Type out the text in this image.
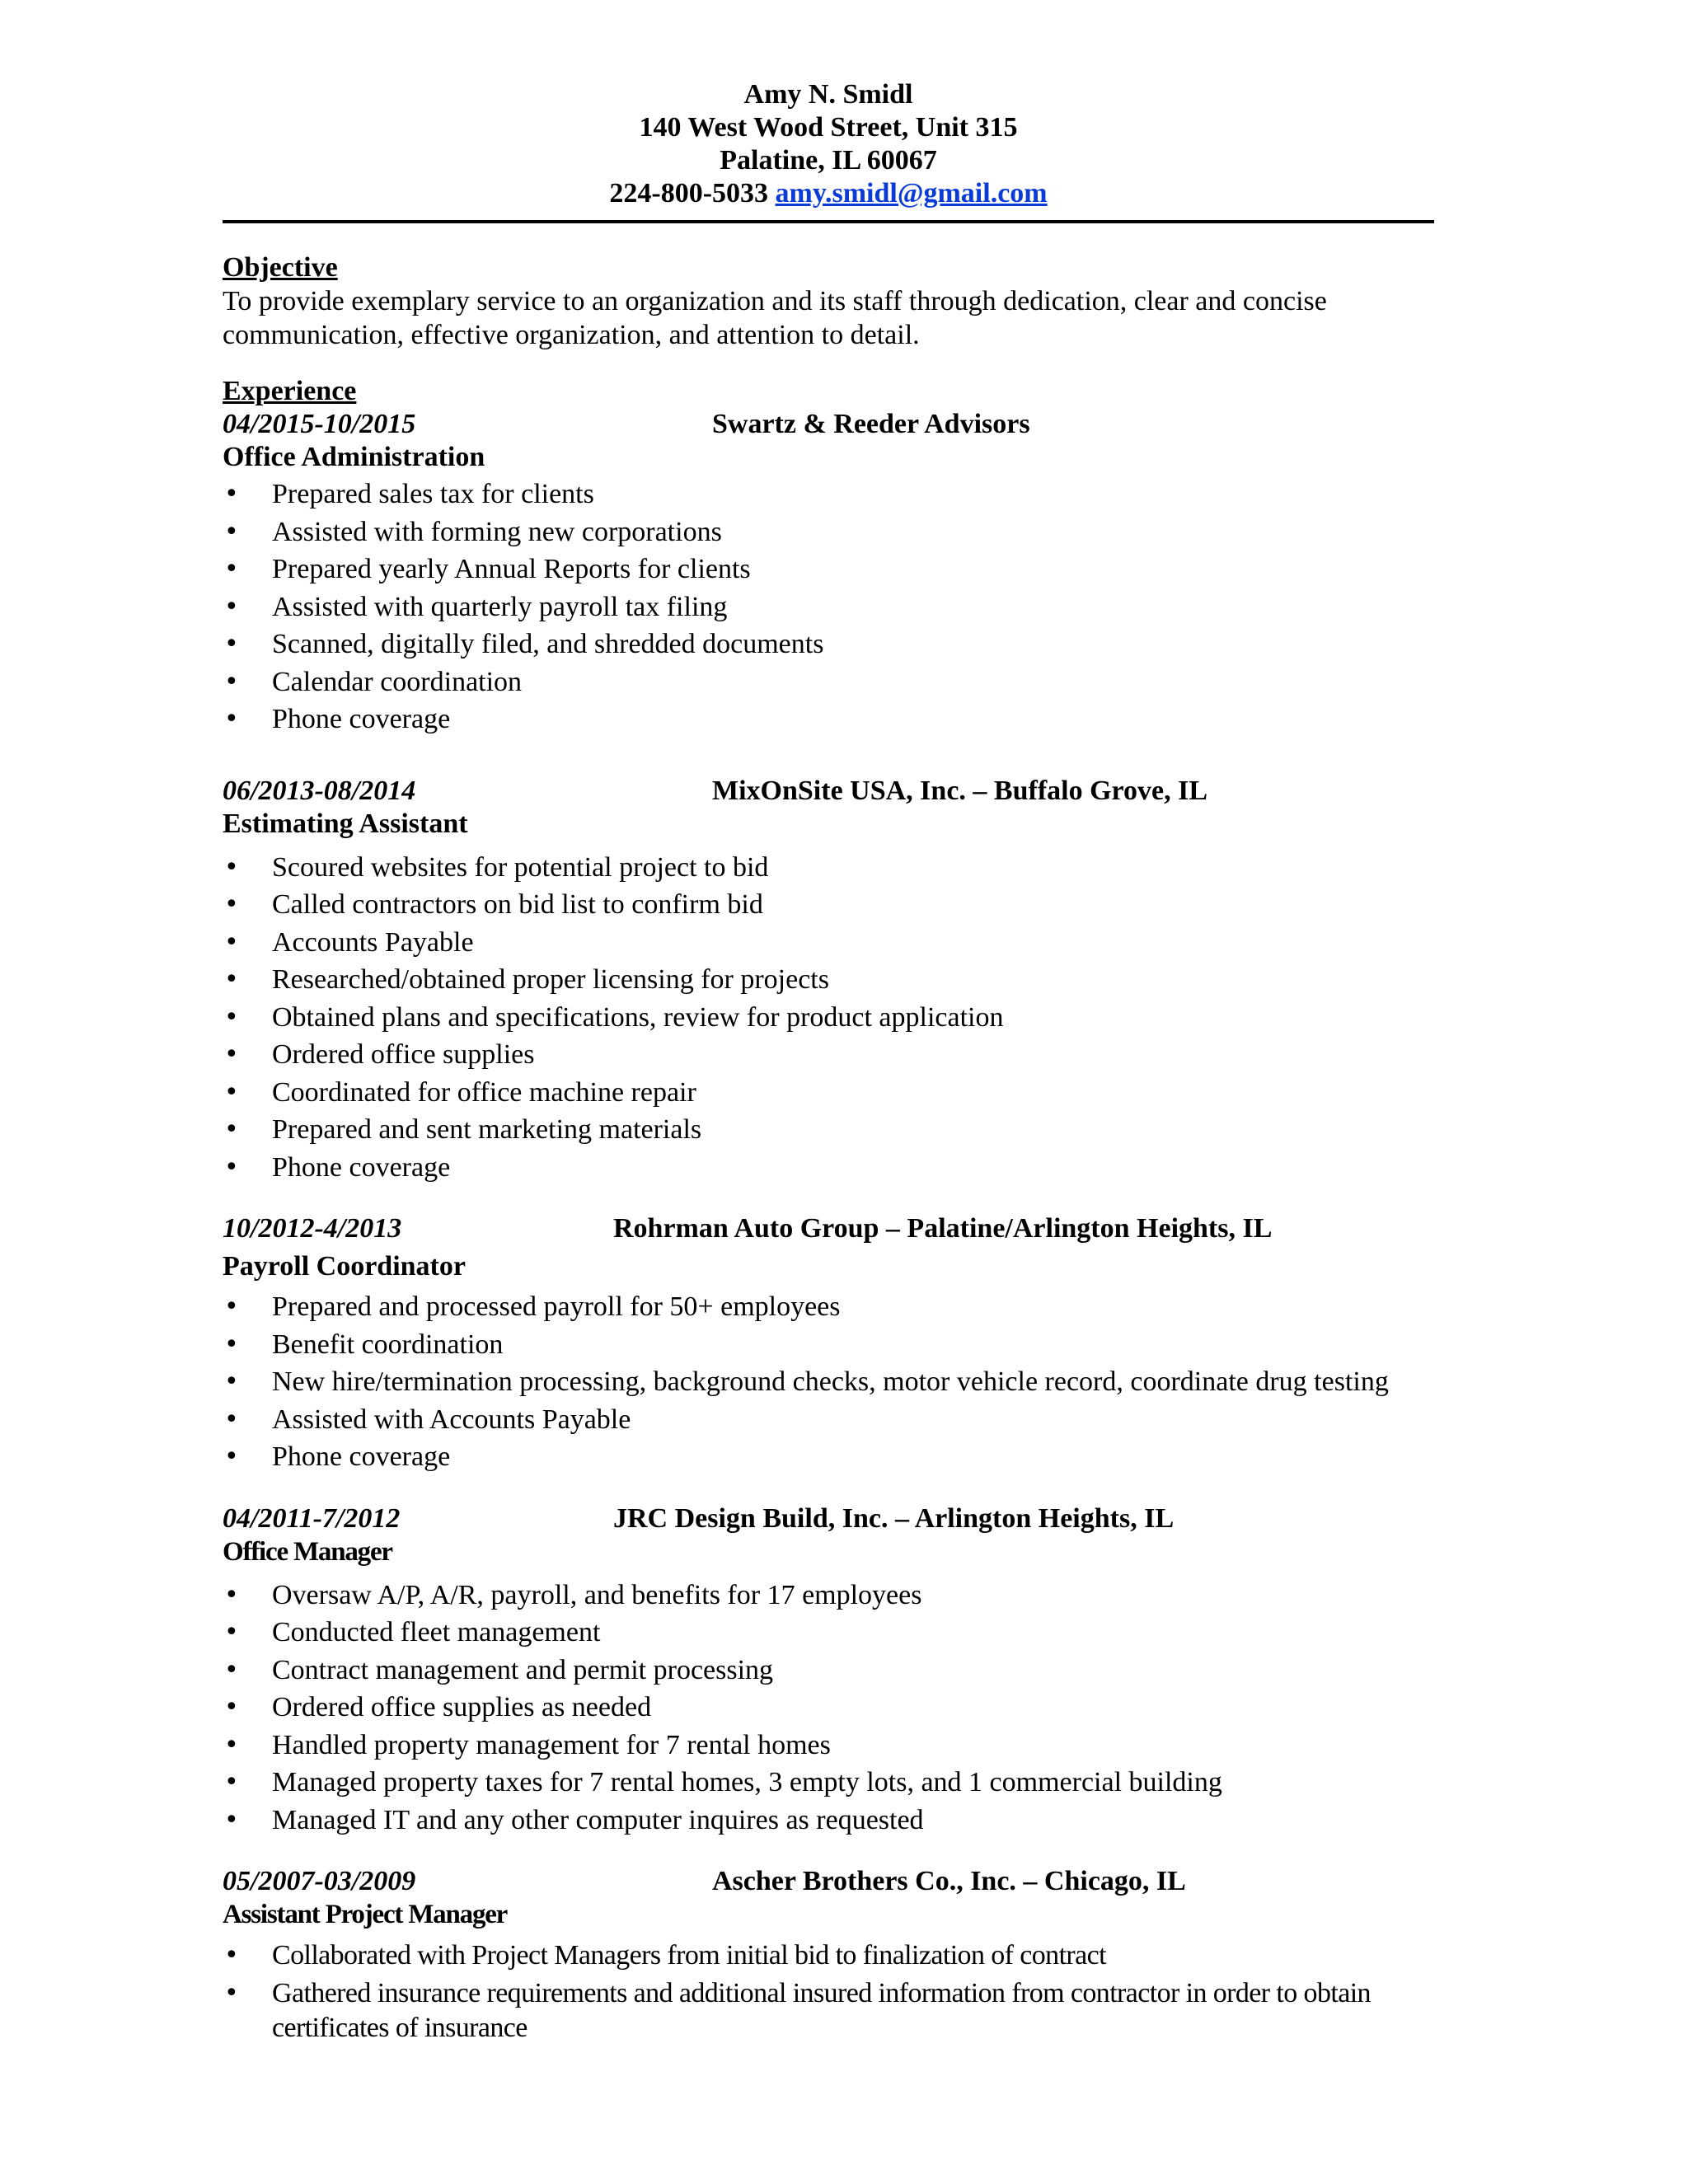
Amy N. Smidl
140 West Wood Street, Unit 315
Palatine, IL 60067
224-800-5033 amy.smidl@gmail.com
Objective
To provide exemplary service to an organization and its staff through dedication, clear and concise communication, effective organization, and attention to detail.
Experience
04/2015-10/2015	Swartz & Reeder Advisors
Office Administration
• Prepared sales tax for clients
• Assisted with forming new corporations
• Prepared yearly Annual Reports for clients
• Assisted with quarterly payroll tax filing
• Scanned, digitally filed, and shredded documents
• Calendar coordination
• Phone coverage
06/2013-08/2014	MixOnSite USA, Inc. – Buffalo Grove, IL
Estimating Assistant
• Scoured websites for potential project to bid
• Called contractors on bid list to confirm bid
• Accounts Payable
• Researched/obtained proper licensing for projects
• Obtained plans and specifications, review for product application
• Ordered office supplies
• Coordinated for office machine repair
• Prepared and sent marketing materials
• Phone coverage
10/2012-4/2013	Rohrman Auto Group – Palatine/Arlington Heights, IL
Payroll Coordinator
• Prepared and processed payroll for 50+ employees
• Benefit coordination
• New hire/termination processing, background checks, motor vehicle record, coordinate drug testing
• Assisted with Accounts Payable
• Phone coverage
04/2011-7/2012	JRC Design Build, Inc. – Arlington Heights, IL
Office Manager
• Oversaw A/P, A/R, payroll, and benefits for 17 employees
• Conducted fleet management
• Contract management and permit processing
• Ordered office supplies as needed
• Handled property management for 7 rental homes
• Managed property taxes for 7 rental homes, 3 empty lots, and 1 commercial building
• Managed IT and any other computer inquires as requested
05/2007-03/2009	Ascher Brothers Co., Inc. – Chicago, IL
Assistant Project Manager
• Collaborated with Project Managers from initial bid to finalization of contract
• Gathered insurance requirements and additional insured information from contractor in order to obtain certificates of insurance
